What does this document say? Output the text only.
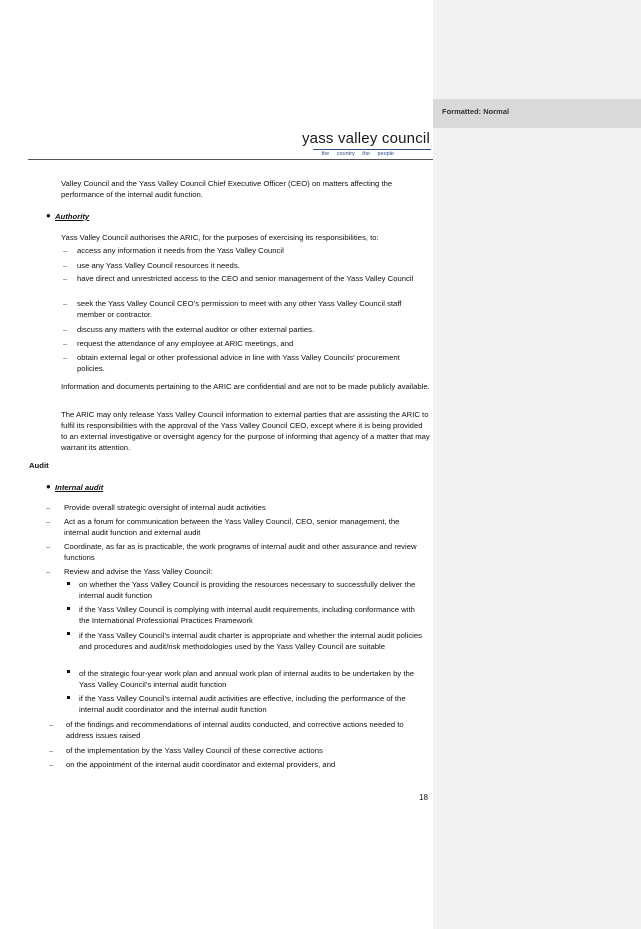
Formatted: Normal
yass valley council
the country the people
Valley Council and the Yass Valley Council Chief Executive Officer (CEO) on matters affecting the performance of the internal audit function.
● Authority
Yass Valley Council authorises the ARIC, for the purposes of exercising its responsibilities, to:
– access any information it needs from the Yass Valley Council
– use any Yass Valley Council resources it needs.
– have direct and unrestricted access to the CEO and senior management of the Yass Valley Council
– seek the Yass Valley Council CEO’s permission to meet with any other Yass Valley Council staff member or contractor.
– discuss any matters with the external auditor or other external parties.
– request the attendance of any employee at ARIC meetings, and
– obtain external legal or other professional advice in line with Yass Valley Councils’ procurement policies.
Information and documents pertaining to the ARIC are confidential and are not to be made publicly available.
The ARIC may only release Yass Valley Council information to external parties that are assisting the ARIC to fulfil its responsibilities with the approval of the Yass Valley Council CEO, except where it is being provided to an external investigative or oversight agency for the purpose of informing that agency of a matter that may warrant its attention.
Audit
● Internal audit
– Provide overall strategic oversight of internal audit activities
– Act as a forum for communication between the Yass Valley Council, CEO, senior management, the internal audit function and external audit
– Coordinate, as far as is practicable, the work programs of internal audit and other assurance and review functions
– Review and advise the Yass Valley Council:
on whether the Yass Valley Council is providing the resources necessary to successfully deliver the internal audit function
if the Yass Valley Council is complying with internal audit requirements, including conformance with the International Professional Practices Framework
if the Yass Valley Council’s internal audit charter is appropriate and whether the internal audit policies and procedures and audit/risk methodologies used by the Yass Valley Council are suitable
of the strategic four-year work plan and annual work plan of internal audits to be undertaken by the Yass Valley Council’s internal audit function
if the Yass Valley Council’s internal audit activities are effective, including the performance of the internal audit coordinator and the internal audit function
– of the findings and recommendations of internal audits conducted, and corrective actions needed to address issues raised
– of the implementation by the Yass Valley Council of these corrective actions
– on the appointment of the internal audit coordinator and external providers, and
18
